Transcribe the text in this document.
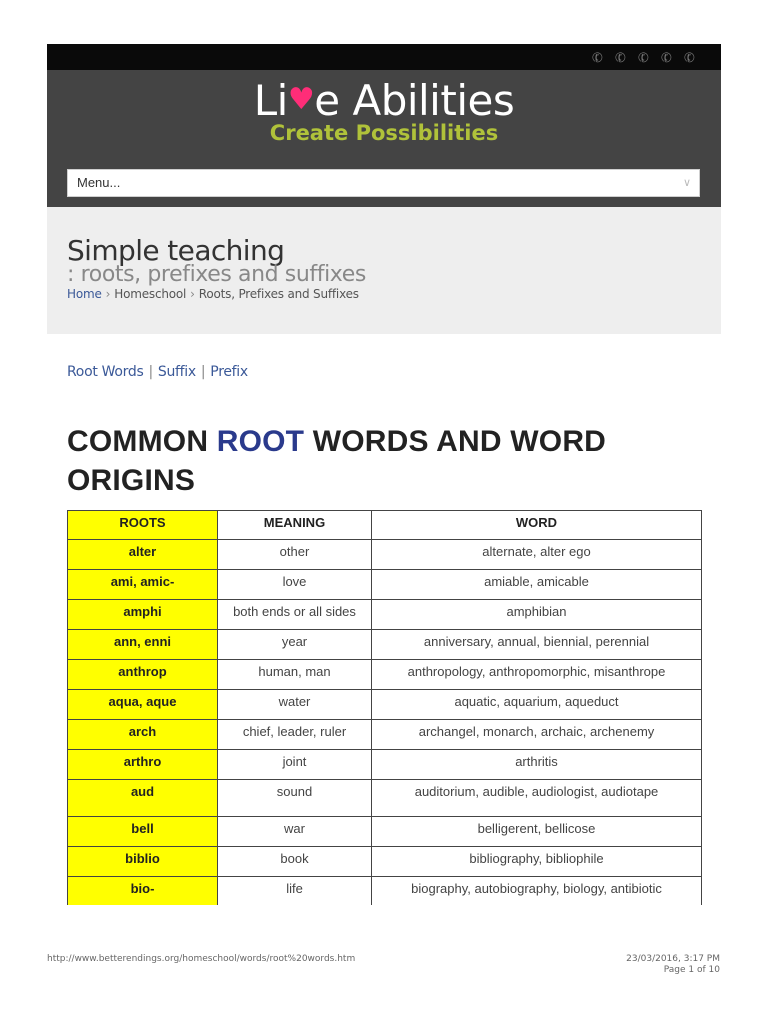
✆ ✆ ✆ ✆ ✆
Li♥e Abilities
Create Possibilities
Menu...	∨
Simple teaching
: roots, prefixes and suffixes
Home › Homeschool › Roots, Prefixes and Suffixes
Root Words | Suffix | Prefix
COMMON ROOT WORDS AND WORD ORIGINS
ROOTS	MEANING	WORD
alter	other	alternate, alter ego
ami, amic-	love	amiable, amicable
amphi	both ends or all sides	amphibian
ann, enni	year	anniversary, annual, biennial, perennial
anthrop	human, man	anthropology, anthropomorphic, misanthrope
aqua, aque	water	aquatic, aquarium, aqueduct
arch	chief, leader, ruler	archangel, monarch, archaic, archenemy
arthro	joint	arthritis
aud	sound	auditorium, audible, audiologist, audiotape
bell	war	belligerent, bellicose
biblio	book	bibliography, bibliophile
bio-	life	biography, autobiography, biology, antibiotic
http://www.betterendings.org/homeschool/words/root%20words.htm	23/03/2016, 3:17 PM
Page 1 of 10
